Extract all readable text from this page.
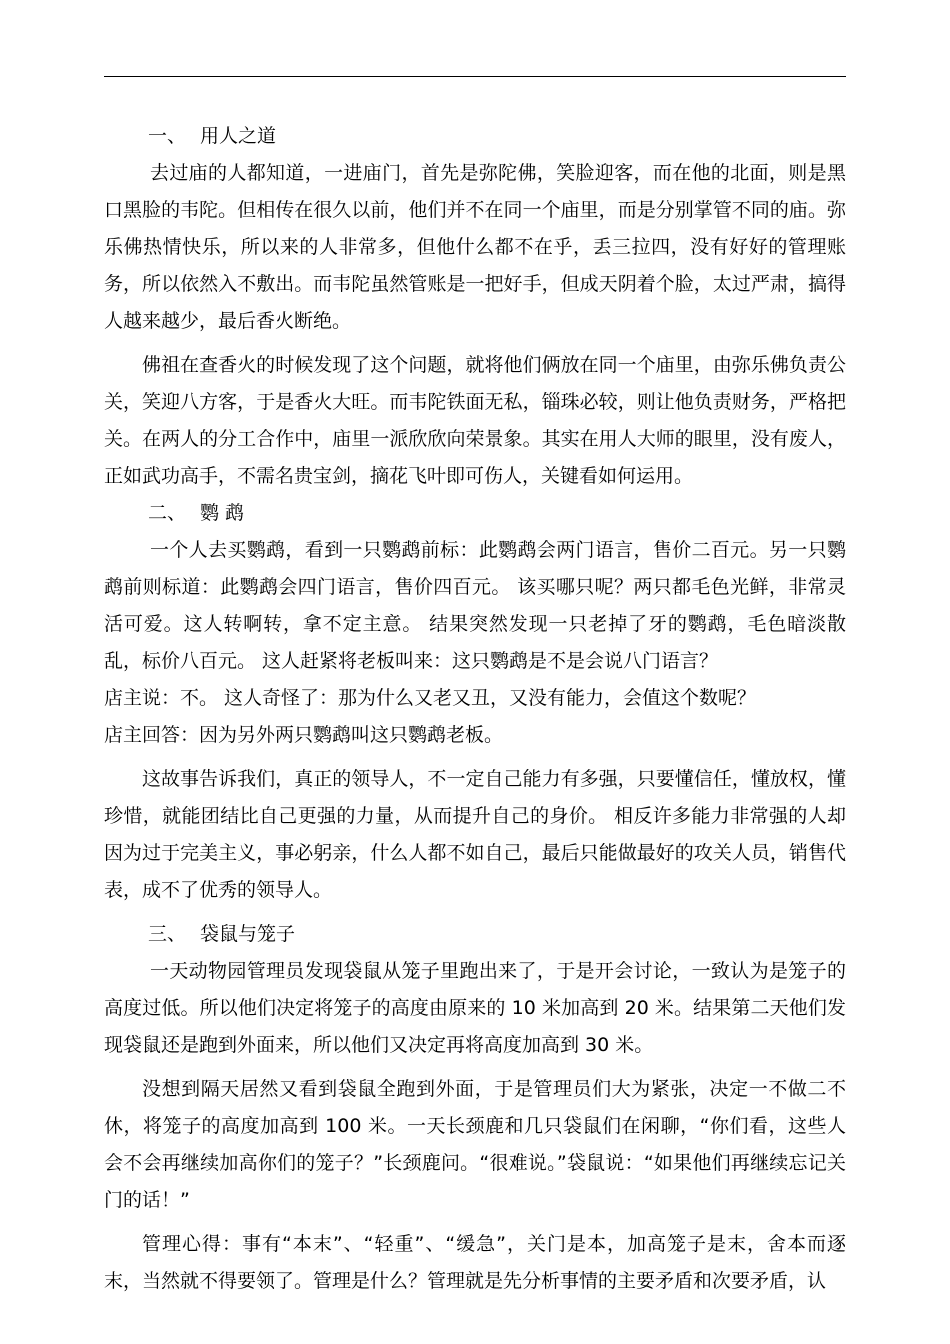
一、 用人之道

去过庙的人都知道，一进庙门，首先是弥陀佛，笑脸迎客，而在他的北面，则是黑口黑脸的韦陀。但相传在很久以前，他们并不在同一个庙里，而是分别掌管不同的庙。弥乐佛热情快乐，所以来的人非常多，但他什么都不在乎，丢三拉四，没有好好的管理账务，所以依然入不敷出。而韦陀虽然管账是一把好手，但成天阴着个脸，太过严肃，搞得人越来越少，最后香火断绝。

佛祖在查香火的时候发现了这个问题，就将他们俩放在同一个庙里，由弥乐佛负责公关，笑迎八方客，于是香火大旺。而韦陀铁面无私，锱珠必较，则让他负责财务，严格把关。在两人的分工合作中，庙里一派欣欣向荣景象。其实在用人大师的眼里，没有废人，正如武功高手，不需名贵宝剑，摘花飞叶即可伤人，关键看如何运用。

二、 鹦 鹉

一个人去买鹦鹉，看到一只鹦鹉前标：此鹦鹉会两门语言，售价二百元。另一只鹦鹉前则标道：此鹦鹉会四门语言，售价四百元。 该买哪只呢？两只都毛色光鲜，非常灵活可爱。这人转啊转，拿不定主意。 结果突然发现一只老掉了牙的鹦鹉，毛色暗淡散乱，标价八百元。 这人赶紧将老板叫来：这只鹦鹉是不是会说八门语言？

店主说：不。 这人奇怪了：那为什么又老又丑，又没有能力，会值这个数呢？

店主回答：因为另外两只鹦鹉叫这只鹦鹉老板。

这故事告诉我们，真正的领导人，不一定自己能力有多强，只要懂信任，懂放权，懂珍惜，就能团结比自己更强的力量，从而提升自己的身价。 相反许多能力非常强的人却因为过于完美主义，事必躬亲，什么人都不如自己，最后只能做最好的攻关人员，销售代表，成不了优秀的领导人。

三、 袋鼠与笼子

一天动物园管理员发现袋鼠从笼子里跑出来了，于是开会讨论，一致认为是笼子的高度过低。所以他们决定将笼子的高度由原来的 10 米加高到 20 米。结果第二天他们发现袋鼠还是跑到外面来，所以他们又决定再将高度加高到 30 米。

没想到隔天居然又看到袋鼠全跑到外面，于是管理员们大为紧张，决定一不做二不休，将笼子的高度加高到 100 米。一天长颈鹿和几只袋鼠们在闲聊，“你们看，这些人会不会再继续加高你们的笼子？”长颈鹿问。“很难说。”袋鼠说：“如果他们再继续忘记关门的话！”

管理心得：事有“本末”、“轻重”、“缓急”，关门是本，加高笼子是末，舍本而逐末，当然就不得要领了。管理是什么？管理就是先分析事情的主要矛盾和次要矛盾，认
